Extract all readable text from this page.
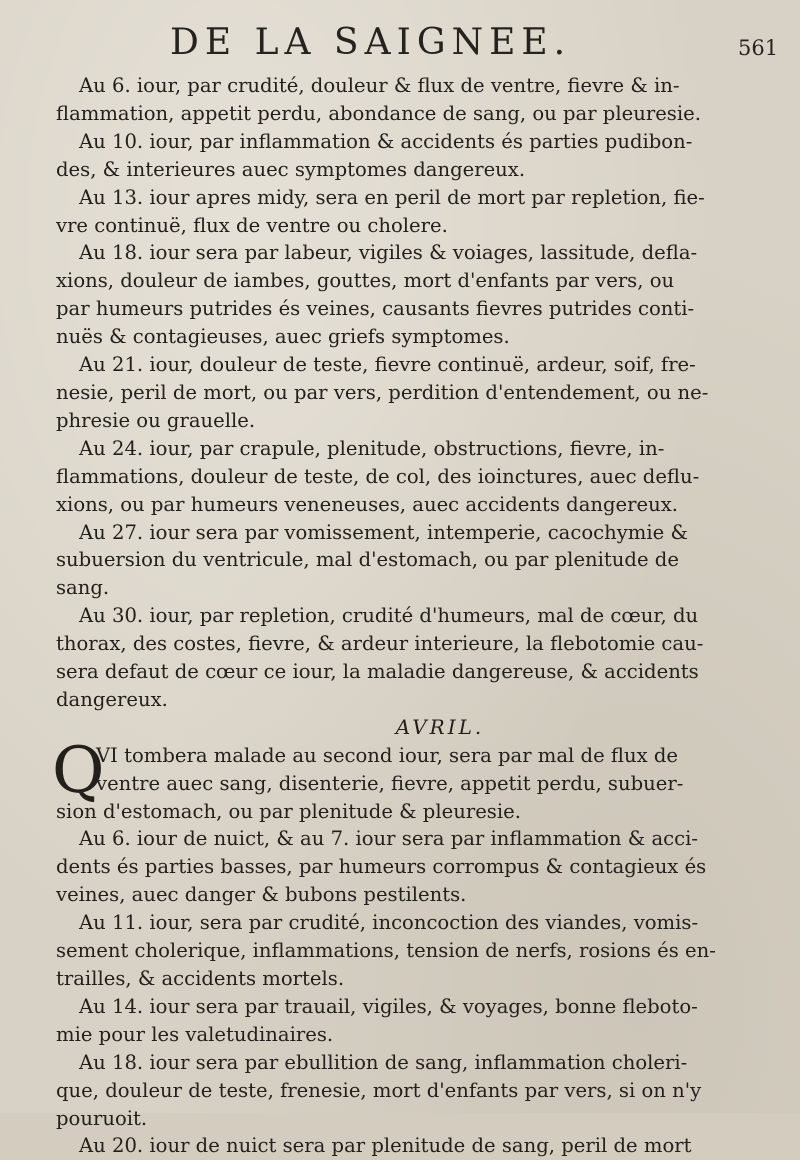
DE LA SAIGNEE.	561

Au 6. iour, par crudité, douleur & flux de ventre, fievre & in-
flammation, appetit perdu, abondance de sang, ou par pleuresie.

Au 10. iour, par inflammation & accidents és parties pudibon-
des, & interieures auec symptomes dangereux.

Au 13. iour apres midy, sera en peril de mort par repletion, fie-
vre continuë, flux de ventre ou cholere.

Au 18. iour sera par labeur, vigiles & voiages, lassitude, defla-
xions, douleur de iambes, gouttes, mort d'enfants par vers, ou
par humeurs putrides és veines, causants fievres putrides conti-
nuës & contagieuses, auec griefs symptomes.

Au 21. iour, douleur de teste, fievre continuë, ardeur, soif, fre-
nesie, peril de mort, ou par vers, perdition d'entendement, ou ne-
phresie ou grauelle.

Au 24. iour, par crapule, plenitude, obstructions, fievre, in-
flammations, douleur de teste, de col, des ioinctures, auec deflu-
xions, ou par humeurs veneneuses, auec accidents dangereux.

Au 27. iour sera par vomissement, intemperie, cacochymie &
subuersion du ventricule, mal d'estomach, ou par plenitude de
sang.

Au 30. iour, par repletion, crudité d'humeurs, mal de cœur, du
thorax, des costes, fievre, & ardeur interieure, la flebotomie cau-
sera defaut de cœur ce iour, la maladie dangereuse, & accidents
dangereux.

AVRIL.

Q
VI tombera malade au second iour, sera par mal de flux de
ventre auec sang, disenterie, fievre, appetit perdu, subuer-
sion d'estomach, ou par plenitude & pleuresie.

Au 6. iour de nuict, & au 7. iour sera par inflammation & acci-
dents és parties basses, par humeurs corrompus & contagieux és
veines, auec danger & bubons pestilents.

Au 11. iour, sera par crudité, inconcoction des viandes, vomis-
sement cholerique, inflammations, tension de nerfs, rosions és en-
trailles, & accidents mortels.

Au 14. iour sera par trauail, vigiles, & voyages, bonne fleboto-
mie pour les valetudinaires.

Au 18. iour sera par ebullition de sang, inflammation choleri-
que, douleur de teste, frenesie, mort d'enfants par vers, si on n'y
pouruoit.

Au 20. iour de nuict sera par plenitude de sang, peril de mort
